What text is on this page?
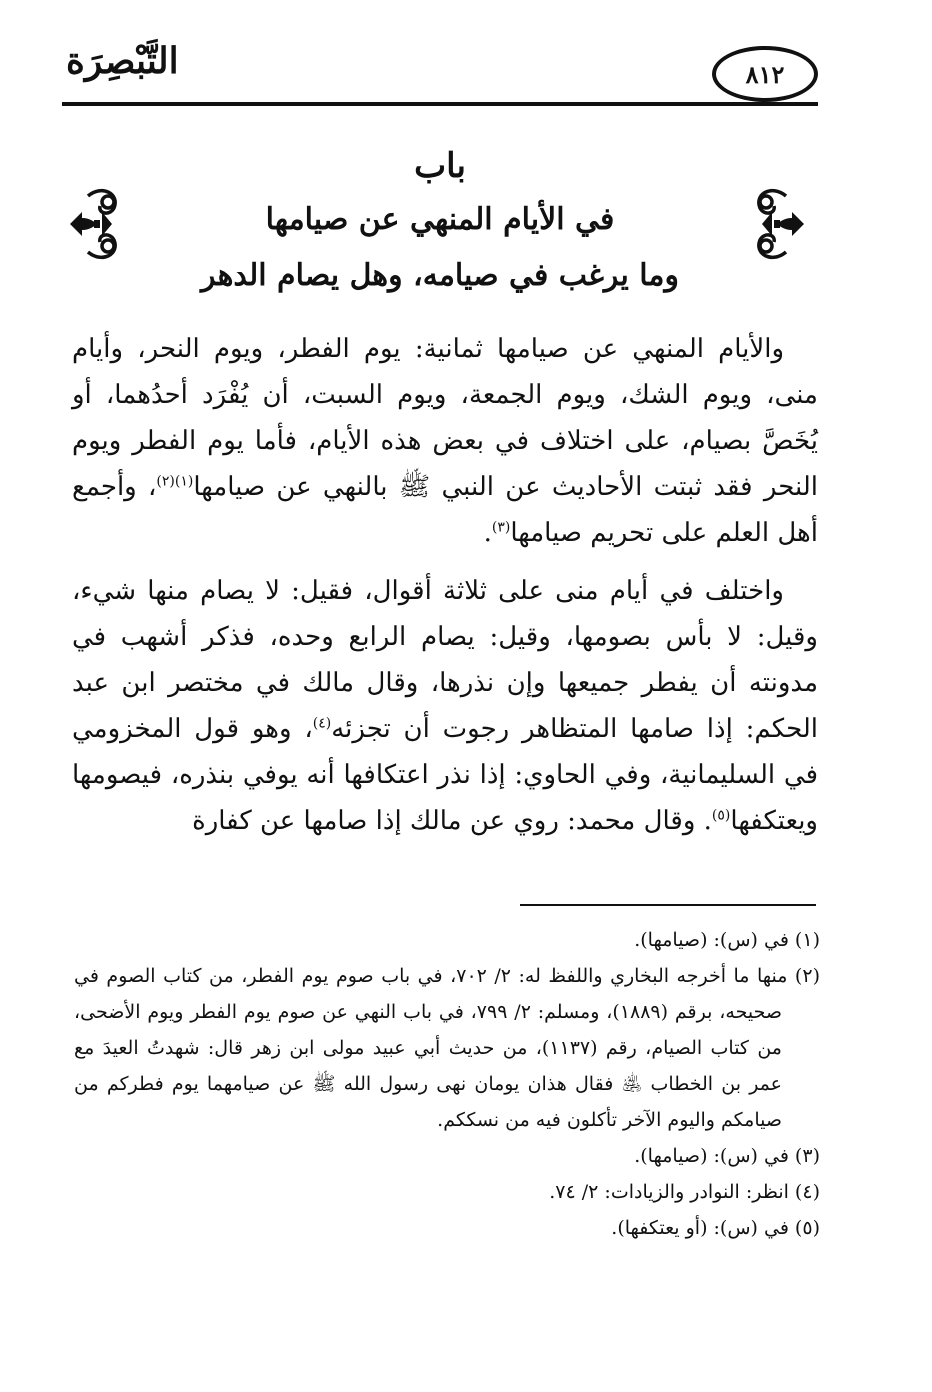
التَّبْصِرَة	٨١٢
باب
في الأيام المنهي عن صيامها
وما يرغب في صيامه، وهل يصام الدهر

والأيام المنهي عن صيامها ثمانية: يوم الفطر، ويوم النحر، وأيام منى، ويوم الشك، ويوم الجمعة، ويوم السبت، أن يُفْرَد أحدُهما، أو يُخَصَّ بصيام، على اختلاف في بعض هذه الأيام، فأما يوم الفطر ويوم النحر فقد ثبتت الأحاديث عن النبي ﷺ بالنهي عن صيامها$^{(١)(٢)}$، وأجمع أهل العلم على تحريم صيامها$^{(٣)}$.

واختلف في أيام منى على ثلاثة أقوال، فقيل: لا يصام منها شيء، وقيل: لا بأس بصومها، وقيل: يصام الرابع وحده، فذكر أشهب في مدونته أن يفطر جميعها وإن نذرها، وقال مالك في مختصر ابن عبد الحكم: إذا صامها المتظاهر رجوت أن تجزئه$^{(٤)}$، وهو قول المخزومي في السليمانية، وفي الحاوي: إذا نذر اعتكافها أنه يوفي بنذره، فيصومها ويعتكفها$^{(٥)}$. وقال محمد: روي عن مالك إذا صامها عن كفارة

(١) في (س): (صيامها).

(٢) منها ما أخرجه البخاري واللفظ له: ٢/ ٧٠٢، في باب صوم يوم الفطر، من كتاب الصوم في صحيحه، برقم (١٨٨٩)، ومسلم: ٢/ ٧٩٩، في باب النهي عن صوم يوم الفطر ويوم الأضحى، من كتاب الصيام، رقم (١١٣٧)، من حديث أبي عبيد مولى ابن زهر قال: شهدتُ العيدَ مع عمر بن الخطاب ﵁ فقال هذان يومان نهى رسول الله ﷺ عن صيامهما يوم فطركم من صيامكم واليوم الآخر تأكلون فيه من نسككم.

(٣) في (س): (صيامها).

(٤) انظر: النوادر والزيادات: ٢/ ٧٤.

(٥) في (س): (أو يعتكفها).
